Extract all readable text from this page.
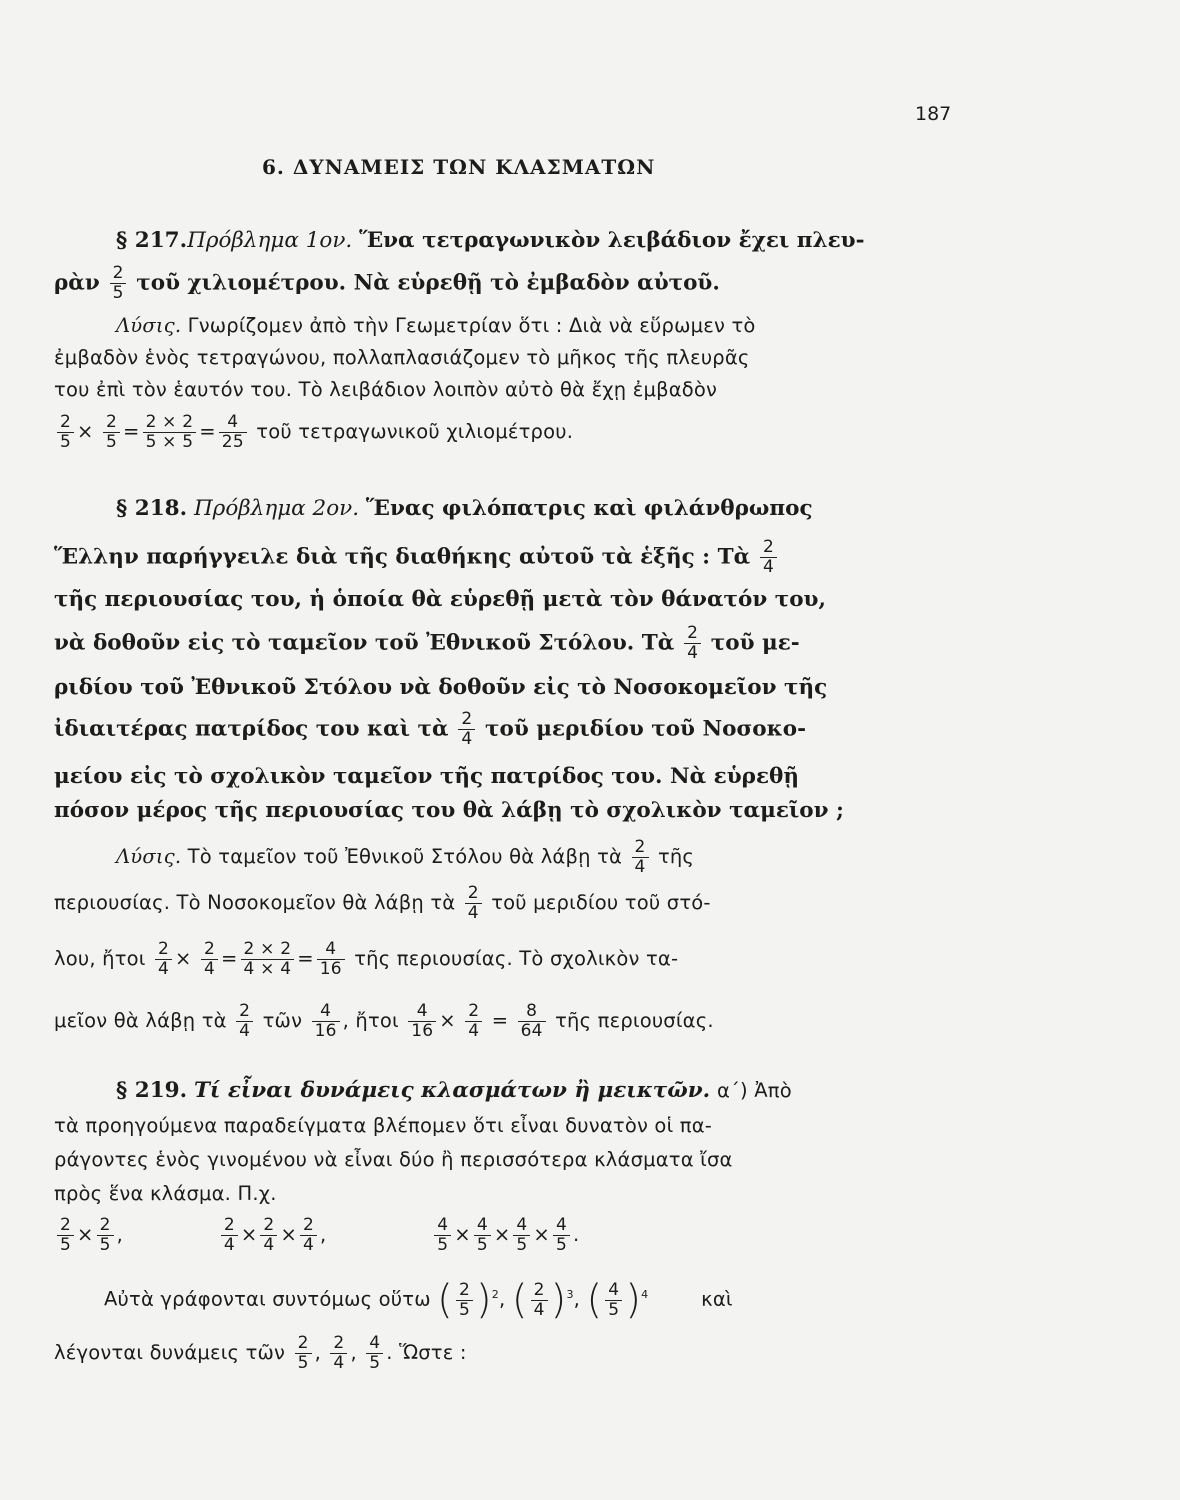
187
6. ΔΥΝΑΜΕΙΣ ΤΩΝ ΚΛΑΣΜΑΤΩΝ
§ 217.Πρόβλημα 1ον. Ἕνα τετραγωνικὸν λειβάδιον ἔχει πλευ-
ρὰν $\frac{2}{5}$ τοῦ χιλιομέτρου. Νὰ εὑρεθῇ τὸ ἐμβαδὸν αὐτοῦ.
Λύσις. Γνωρίζομεν ἀπὸ τὴν Γεωμετρίαν ὅτι : Διὰ νὰ εὕρωμεν τὸ
ἐμβαδὸν ἑνὸς τετραγώνου, πολλαπλασιάζομεν τὸ μῆκος τῆς πλευρᾶς
του ἐπὶ τὸν ἑαυτόν του. Τὸ λειβάδιον λοιπὸν αὐτὸ θὰ ἔχῃ ἐμβαδὸν
$\frac{2}{5} \times \frac{2}{5} = \frac{2 \times 2}{5 \times 5} = \frac{4}{25}$ τοῦ τετραγωνικοῦ χιλιομέτρου.
§ 218. Πρόβλημα 2ον. Ἕνας φιλόπατρις καὶ φιλάνθρωπος
Ἕλλην παρήγγειλε διὰ τῆς διαθήκης αὐτοῦ τὰ ἑξῆς : Τὰ $\frac{2}{4}$
τῆς περιουσίας του, ἡ ὁποία θὰ εὑρεθῇ μετὰ τὸν θάνατόν του,
νὰ δοθοῦν εἰς τὸ ταμεῖον τοῦ Ἐθνικοῦ Στόλου. Τὰ $\frac{2}{4}$ τοῦ με-
ριδίου τοῦ Ἐθνικοῦ Στόλου νὰ δοθοῦν εἰς τὸ Νοσοκομεῖον τῆς
ἰδιαιτέρας πατρίδος του καὶ τὰ $\frac{2}{4}$ τοῦ μεριδίου τοῦ Νοσοκο-
μείου εἰς τὸ σχολικὸν ταμεῖον τῆς πατρίδος του. Νὰ εὑρεθῇ
πόσον μέρος τῆς περιουσίας του θὰ λάβῃ τὸ σχολικὸν ταμεῖον ;
Λύσις. Τὸ ταμεῖον τοῦ Ἐθνικοῦ Στόλου θὰ λάβῃ τὰ $\frac{2}{4}$ τῆς
περιουσίας. Τὸ Νοσοκομεῖον θὰ λάβῃ τὰ $\frac{2}{4}$ τοῦ μεριδίου τοῦ στό-
λου, ἤτοι $\frac{2}{4} \times \frac{2}{4} = \frac{2 \times 2}{4 \times 4} = \frac{4}{16}$ τῆς περιουσίας. Τὸ σχολικὸν τα-
μεῖον θὰ λάβῃ τὰ $\frac{2}{4}$ τῶν $\frac{4}{16}$ , ἤτοι $\frac{4}{16} \times \frac{2}{4} = \frac{8}{64}$ τῆς περιουσίας.
§ 219. Τί εἶναι δυνάμεις κλασμάτων ἢ μεικτῶν. α΄) Ἀπὸ
τὰ προηγούμενα παραδείγματα βλέπομεν ὅτι εἶναι δυνατὸν οἱ πα-
ράγοντες ἑνὸς γινομένου νὰ εἶναι δύο ἢ περισσότερα κλάσματα ἴσα
πρὸς ἕνα κλάσμα. Π.χ.
$\frac{2}{5} \times \frac{2}{5}$ ,	$\frac{2}{4} \times \frac{2}{4} \times \frac{2}{4}$ ,	$\frac{4}{5} \times \frac{4}{5} \times \frac{4}{5} \times \frac{4}{5}$ .
Αὐτὰ γράφονται συντόμως οὕτω ( $\frac{2}{5} )^2$, ( $\frac{2}{4} )^3$, ( $\frac{4}{5} )^4$	καὶ
λέγονται δυνάμεις τῶν $\frac{2}{5}$ , $\frac{2}{4}$ , $\frac{4}{5}$ . Ὥστε :
